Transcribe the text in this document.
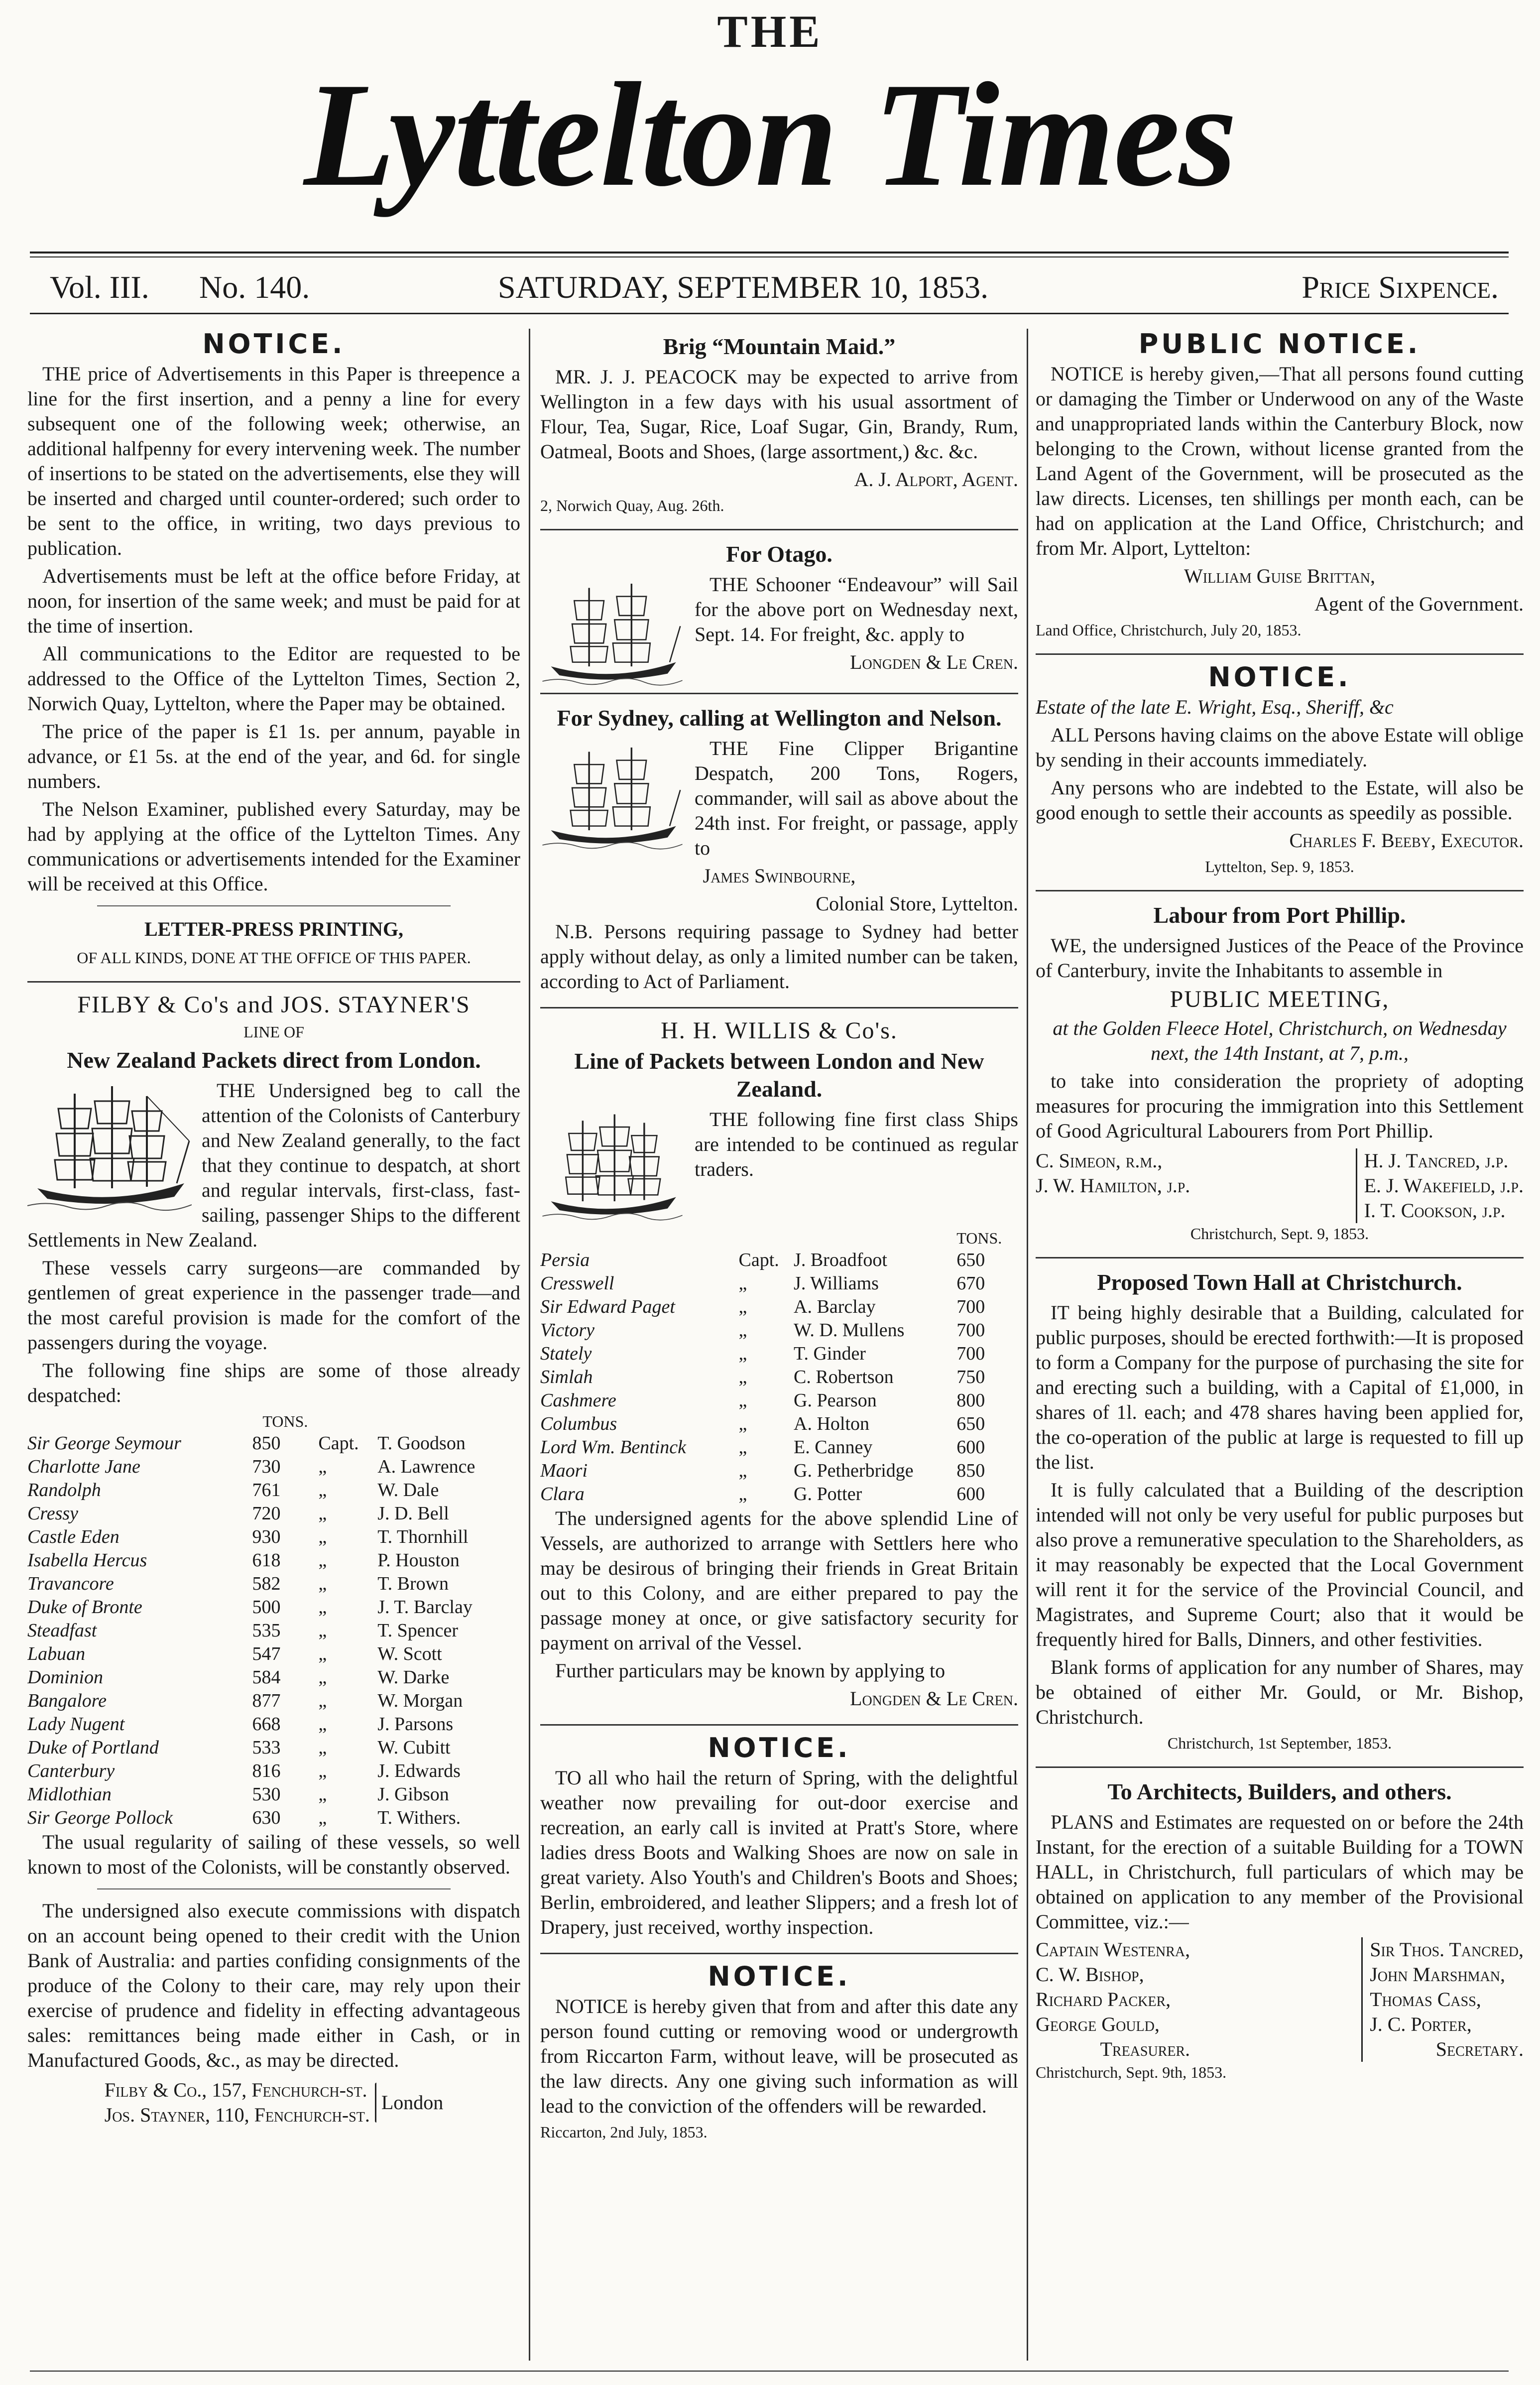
THE
Lyttelton Times
Vol. III. No. 140.	SATURDAY, SEPTEMBER 10, 1853.	Price Sixpence.
NOTICE.

THE price of Advertisements in this Paper is threepence a line for the first insertion, and a penny a line for every subsequent one of the following week; otherwise, an additional halfpenny for every intervening week. The number of insertions to be stated on the advertisements, else they will be inserted and charged until counter-ordered; such order to be sent to the office, in writing, two days previous to publication.

Advertisements must be left at the office before Friday, at noon, for insertion of the same week; and must be paid for at the time of insertion.

All communications to the Editor are requested to be addressed to the Office of the Lyttelton Times, Section 2, Norwich Quay, Lyttelton, where the Paper may be obtained.

The price of the paper is £1 1s. per annum, payable in advance, or £1 5s. at the end of the year, and 6d. for single numbers.

The Nelson Examiner, published every Saturday, may be had by applying at the office of the Lyttelton Times. Any communications or advertisements intended for the Examiner will be received at this Office.

LETTER-PRESS PRINTING,

OF ALL KINDS, DONE AT THE OFFICE OF THIS PAPER.

FILBY & Co's and JOS. STAYNER'S

LINE OF

New Zealand Packets direct from London.

THE Undersigned beg to call the attention of the Colonists of Canterbury and New Zealand generally, to the fact that they continue to despatch, at short and regular intervals, first-class, fast-sailing, passenger Ships to the different Settlements in New Zealand.

These vessels carry surgeons—are commanded by gentlemen of great experience in the passenger trade—and the most careful provision is made for the comfort of the passengers during the voyage.

The following fine ships are some of those already despatched:

	TONS.		
Sir George Seymour	850	Capt.	T. Goodson
Charlotte Jane	730	„	A. Lawrence
Randolph	761	„	W. Dale
Cressy	720	„	J. D. Bell
Castle Eden	930	„	T. Thornhill
Isabella Hercus	618	„	P. Houston
Travancore	582	„	T. Brown
Duke of Bronte	500	„	J. T. Barclay
Steadfast	535	„	T. Spencer
Labuan	547	„	W. Scott
Dominion	584	„	W. Darke
Bangalore	877	„	W. Morgan
Lady Nugent	668	„	J. Parsons
Duke of Portland	533	„	W. Cubitt
Canterbury	816	„	J. Edwards
Midlothian	530	„	J. Gibson
Sir George Pollock	630	„	T. Withers.

The usual regularity of sailing of these vessels, so well known to most of the Colonists, will be constantly observed.

The undersigned also execute commissions with dispatch on an account being opened to their credit with the Union Bank of Australia: and parties confiding consignments of the produce of the Colony to their care, may rely upon their exercise of prudence and fidelity in effecting advantageous sales: remittances being made either in Cash, or in Manufactured Goods, &c., as may be directed.

Filby & Co., 157, Fenchurch-st.
Jos. Stayner, 110, Fenchurch-st.
London
Brig “Mountain Maid.”

MR. J. J. PEACOCK may be expected to arrive from Wellington in a few days with his usual assortment of Flour, Tea, Sugar, Rice, Loaf Sugar, Gin, Brandy, Rum, Oatmeal, Boots and Shoes, (large assortment,) &c. &c.

A. J. Alport, Agent.

2, Norwich Quay, Aug. 26th.

For Otago.

THE Schooner “Endeavour” will Sail for the above port on Wednesday next, Sept. 14. For freight, &c. apply to

Longden & Le Cren.

For Sydney, calling at Wellington and Nelson.

THE Fine Clipper Brigantine Despatch, 200 Tons, Rogers, commander, will sail as above about the 24th inst. For freight, or passage, apply to

James Swinbourne,

Colonial Store, Lyttelton.

N.B. Persons requiring passage to Sydney had better apply without delay, as only a limited number can be taken, according to Act of Parliament.

H. H. WILLIS & Co's.
Line of Packets between London and New Zealand.

THE following fine first class Ships are intended to be continued as regular traders.

			TONS.
Persia	Capt.	J. Broadfoot	650
Cresswell	„	J. Williams	670
Sir Edward Paget	„	A. Barclay	700
Victory	„	W. D. Mullens	700
Stately	„	T. Ginder	700
Simlah	„	C. Robertson	750
Cashmere	„	G. Pearson	800
Columbus	„	A. Holton	650
Lord Wm. Bentinck	„	E. Canney	600
Maori	„	G. Petherbridge	850
Clara	„	G. Potter	600

The undersigned agents for the above splendid Line of Vessels, are authorized to arrange with Settlers here who may be desirous of bringing their friends in Great Britain out to this Colony, and are either prepared to pay the passage money at once, or give satisfactory security for payment on arrival of the Vessel.

Further particulars may be known by applying to

Longden & Le Cren.

NOTICE.

TO all who hail the return of Spring, with the delightful weather now prevailing for out-door exercise and recreation, an early call is invited at Pratt's Store, where ladies dress Boots and Walking Shoes are now on sale in great variety. Also Youth's and Children's Boots and Shoes; Berlin, embroidered, and leather Slippers; and a fresh lot of Drapery, just received, worthy inspection.

NOTICE.

NOTICE is hereby given that from and after this date any person found cutting or removing wood or undergrowth from Riccarton Farm, without leave, will be prosecuted as the law directs. Any one giving such information as will lead to the conviction of the offenders will be rewarded.

Riccarton, 2nd July, 1853.

PUBLIC NOTICE.

NOTICE is hereby given,—That all persons found cutting or damaging the Timber or Underwood on any of the Waste and unappropriated lands within the Canterbury Block, now belonging to the Crown, without license granted from the Land Agent of the Government, will be prosecuted as the law directs. Licenses, ten shillings per month each, can be had on application at the Land Office, Christchurch; and from Mr. Alport, Lyttelton:

William Guise Brittan,

Agent of the Government.

Land Office, Christchurch, July 20, 1853.

NOTICE.

Estate of the late E. Wright, Esq., Sheriff, &c

ALL Persons having claims on the above Estate will oblige by sending in their accounts immediately.

Any persons who are indebted to the Estate, will also be good enough to settle their accounts as speedily as possible.

Charles F. Beeby, Executor.

Lyttelton, Sep. 9, 1853.

Labour from Port Phillip.

WE, the undersigned Justices of the Peace of the Province of Canterbury, invite the Inhabitants to assemble in

PUBLIC MEETING,

at the Golden Fleece Hotel, Christchurch, on Wednesday next, the 14th Instant, at 7, p.m.,

to take into consideration the propriety of adopting measures for procuring the immigration into this Settlement of Good Agricultural Labourers from Port Phillip.

C. Simeon, r.m.,
J. W. Hamilton, j.p.
H. J. Tancred, j.p.
E. J. Wakefield, j.p.
I. T. Cookson, j.p.

Christchurch, Sept. 9, 1853.

Proposed Town Hall at Christchurch.

IT being highly desirable that a Building, calculated for public purposes, should be erected forthwith:—It is proposed to form a Company for the purpose of purchasing the site for and erecting such a building, with a Capital of £1,000, in shares of 1l. each; and 478 shares having been applied for, the co-operation of the public at large is requested to fill up the list.

It is fully calculated that a Building of the description intended will not only be very useful for public purposes but also prove a remunerative speculation to the Shareholders, as it may reasonably be expected that the Local Government will rent it for the service of the Provincial Council, and Magistrates, and Supreme Court; also that it would be frequently hired for Balls, Dinners, and other festivities.

Blank forms of application for any number of Shares, may be obtained of either Mr. Gould, or Mr. Bishop, Christchurch.

Christchurch, 1st September, 1853.

To Architects, Builders, and others.

PLANS and Estimates are requested on or before the 24th Instant, for the erection of a suitable Building for a TOWN HALL, in Christchurch, full particulars of which may be obtained on application to any member of the Provisional Committee, viz.:—

Captain Westenra,
C. W. Bishop,
Richard Packer,
George Gould,
Treasurer.
Sir Thos. Tancred,
John Marshman,
Thomas Cass,
J. C. Porter,
Secretary.

Christchurch, Sept. 9th, 1853.
